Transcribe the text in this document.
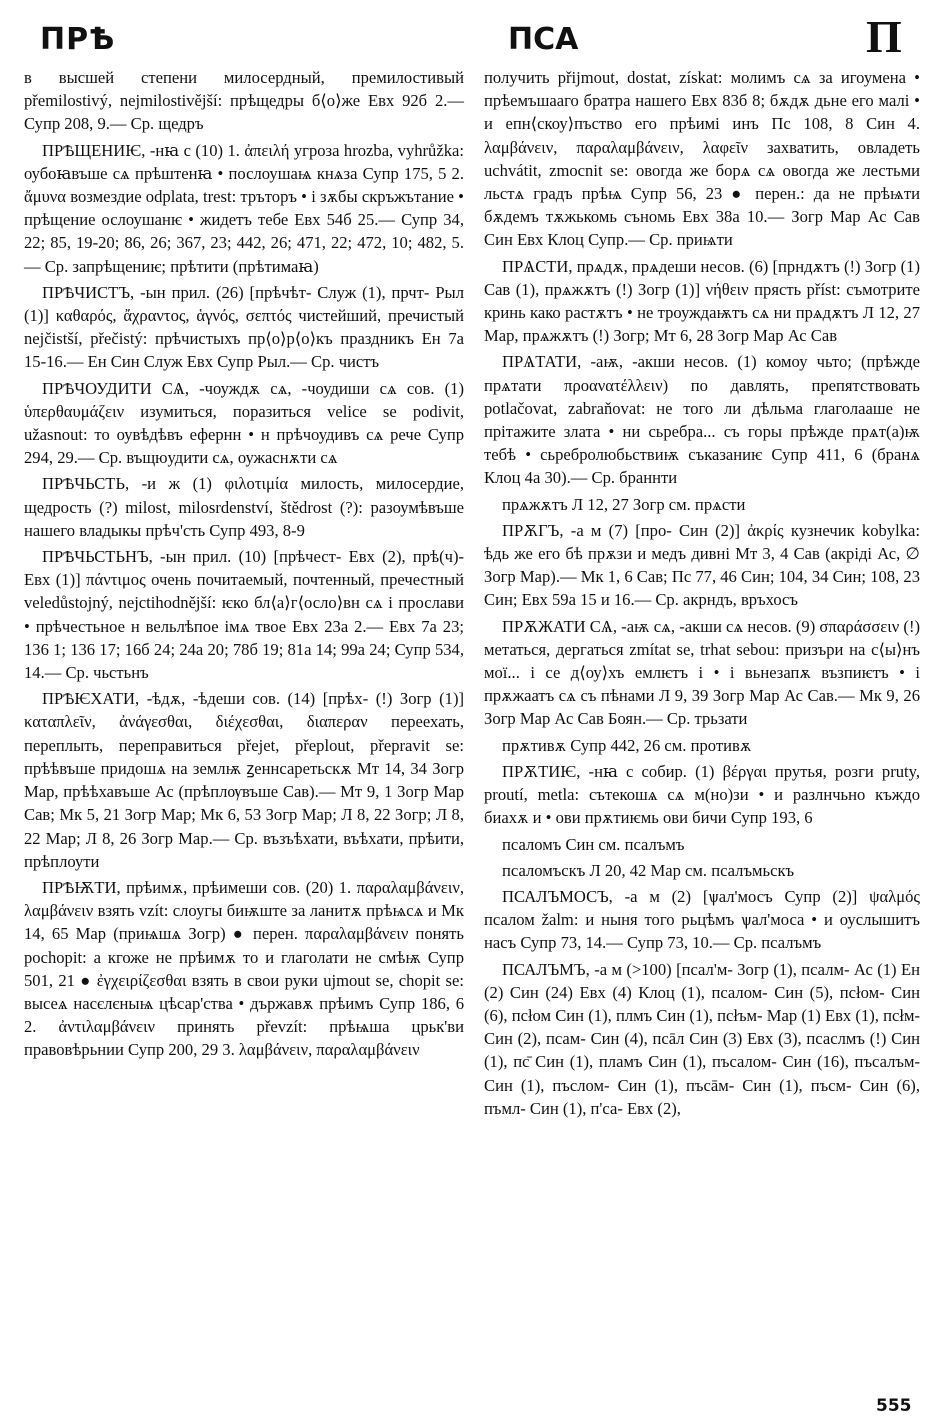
ПРѢ	ПСА	П

в высшей степени милосердный, премилостивый přemilostivý, nejmilostivější: прѣщедры б⟨о⟩же Евх 92б 2.— Супр 208, 9.— Ср. щедръ

ПРѢЩЕНИѤ, -нꙗ с (10) 1. ἀπειλή угроза hrozba, vyhrůžka: оубоꙗвъше сѧ прѣштенꙗ • послоушаѩ кнѧза Супр 175, 5 2. ἄμυνα возмездие odplata, trest: тръторъ • і зѫбы скръжътание • прѣщение ослоушанѥ • жидетъ тебе Евх 54б 25.— Супр 34, 22; 85, 19-20; 86, 26; 367, 23; 442, 26; 471, 22; 472, 10; 482, 5.— Ср. запрѣщениѥ; прѣтити (прѣтимаꙗ)

ПРѢЧИСТЪ, -ын прил. (26) [прѣчѣт- Служ (1), прчт- Рыл (1)] καθαρός, ἄχραντος, ἁγνός, σεπτός чистейший, пречистый nejčistší, přečistý: прѣчистыхъ пр⟨о⟩р⟨о⟩къ праздникъ Ен 7а 15-16.— Ен Син Служ Евх Супр Рыл.— Ср. чистъ

ПРѢЧОУДИТИ СѦ, -чоуждѫ сѧ, -чоудиши сѧ сов. (1) ὑπερθαυμάζειν изумиться, поразиться velice se podivit, užasnout: то оувѣдѣвъ ефернн • н прѣчоудивъ сѧ рече Супр 294, 29.— Ср. въщюудити сѧ, оужаснѫти сѧ

ПРѢЧЬСТЬ, -и ж (1) φιλοτιμία милость, милосердие, щедрость (?) milost, milosrdenství, štědrost (?): разоумѣвъше нашего владыкы прѣч'сть Супр 493, 8-9

ПРѢЧЬСТЬНЪ, -ын прил. (10) [прѣчест- Евх (2), прѣ(ч)- Евх (1)] πάντιμος очень почитаемый, почтенный, пречестный veledůstojný, nejctihodnější: ѥко бл⟨а⟩г⟨осло⟩вн сѧ і прослави • прѣчестьное н вельлѣпое імѧ твое Евх 23а 2.— Евх 7а 23; 136 1; 136 17; 16б 24; 24а 20; 78б 19; 81а 14; 99а 24; Супр 534, 14.— Ср. чьстьнъ

ПРѢѤХАТИ, -ѣдѫ, -ѣдеши сов. (14) [прѣх- (!) Зогр (1)] καταπλεῖν, ἀνάγεσθαι, διέχεσθαι, διαπεραν переехать, переплыть, переправиться přejet, přeplout, přepravit se: прѣѣвъше придошѧ на землѭ ꙁеннсаретьскѫ Мт 14, 34 Зогр Мар, прѣѣхавъше Ас (прѣплѹвъше Сав).— Мт 9, 1 Зогр Мар Сав; Мк 5, 21 Зогр Мар; Мк 6, 53 Зогр Мар; Л 8, 22 Зогр; Л 8, 22 Мар; Л 8, 26 Зогр Мар.— Ср. възъѣхати, въѣхати, прѣити, прѣплоути

ПРѢѬТИ, прѣимѫ, прѣимеши сов. (20) 1. παραλαμβάνειν, λαμβάνειν взять vzít: слоугы биѭште за ланитѫ прѣѩсѧ и Мк 14, 65 Мар (приѩшѧ Зогр) ● перен. παραλαμβάνειν понять pochopit: а кгоже не прѣимѫ то и глаголати не смѣѭ Супр 501, 21 ● ἐγχειρίζεσθαι взять в свои руки ujmout se, chopit se: высеѧ насєлєныѩ цѣсар'ства • държавѫ прѣимъ Супр 186, 6 2. ἀντιλαμβάνειν принять převzít: прѣѩша црьк'ви правовѣрьнии Супр 200, 29 3. λαμβάνειν, παραλαμβάνειν

получить přijmout, dostat, získat: молимъ сѧ за игоумена • прѣемъшааго братра нашего Евх 83б 8; бѫдѫ дьне его малі • и епн⟨скоу⟩пъство его прѣимі инъ Пс 108, 8 Син 4. λαμβάνειν, παραλαμβάνειν, λαφεῖν захватить, овладеть uchvátit, zmocnit se: овогда же борѧ сѧ овогда же лестьми льстѧ градъ прѣѩ Супр 56, 23 ● перен.: да не прѣѩти бѫдемъ тѫжькомь сънoмь Евх 38а 10.— Зогр Мар Ас Сав Син Евх Клоц Супр.— Ср. приѩти

ПРѦСТИ, прѧдѫ, прѧдеши несов. (6) [прндѫтъ (!) Зогр (1) Сав (1), прѧжѫтъ (!) Зогр (1)] νήθειν прясть příst: съмотрите кринь како растѫтъ • не троуждаѭтъ сѧ ни прѧдѫтъ Л 12, 27 Мар, прѧжѫтъ (!) Зогр; Мт 6, 28 Зогр Мар Ас Сав

ПРѦТАТИ, -аѭ, -акши несов. (1) комоу чьто; (прѣжде прѧтати προανατέλλειν) по давлять, препятствовать potlačovat, zabraňovat: не того ли дѣльма глаголааше не прітажите злата • ни сьребра... съ горы прѣжде прѧт(а)ѭ тебѣ • сьребролюбьствиѭ съказаниѥ Супр 411, 6 (бранѧ Клоц 4а 30).— Ср. браннти

прѧжѫтъ Л 12, 27 Зогр см. прѧсти

ПРѪГЪ, -а м (7) [про- Син (2)] ἀκρίς кузнечик kobylka: ѣдь же его бѣ прѫзи и медъ дивні Мт 3, 4 Сав (акріді Ас, ∅ Зогр Мар).— Мк 1, 6 Сав; Пс 77, 46 Син; 104, 34 Син; 108, 23 Син; Евх 59а 15 и 16.— Ср. акрндъ, връхосъ

ПРѪЖАТИ СѦ, -аѭ сѧ, -акши сѧ несов. (9) σπαράσσειν (!) метаться, дергаться zmítat se, trhat sebou: призъри на с⟨ы⟩нъ мої... і се д⟨оу⟩хъ емлѥтъ і • і вьнезапѫ възпиѥтъ • і прѫжаатъ сѧ съ пѣнами Л 9, 39 Зогр Мар Ас Сав.— Мк 9, 26 Зогр Мар Ас Сав Боян.— Ср. трьзати

прѫтивѫ Супр 442, 26 см. противѫ

ПРѪТИѤ, -нꙗ с собир. (1) βέργαι прутья, розги pruty, proutí, metla: сътекошѧ сѧ м(но)зи • и разлнчьно къждо биахѫ и • ови прѫтиѥмь ови бичи Супр 193, 6

псаломъ Син см. псалъмъ

псаломъскъ Л 20, 42 Мар см. псалъмьскъ

ПСАЛЪМОСЪ, -а м (2) [ѱал'мосъ Супр (2)] ψαλμός псалом žalm: и ныня того рьцѣмъ ѱал'моса • и оуслышитъ насъ Супр 73, 14.— Супр 73, 10.— Ср. псалъмъ

ПСАЛЪМЪ, -а м (>100) [псал'м- Зогр (1), псалм- Ас (1) Ен (2) Син (24) Евх (4) Клоц (1), псалом- Син (5), псłом- Син (6), псłом Син (1), плмъ Син (1), псłъм- Мар (1) Евх (1), псłм- Син (2), псам- Син (4), псāл Син (3) Евх (3), псаслмъ (!) Син (1), пс̄ Син (1), пламъ Син (1), пъсалом- Син (16), пъсалъм- Син (1), пъслом- Син (1), пъсāм- Син (1), пъсм- Син (6), пъмл- Син (1), п'са- Евх (2),

555
